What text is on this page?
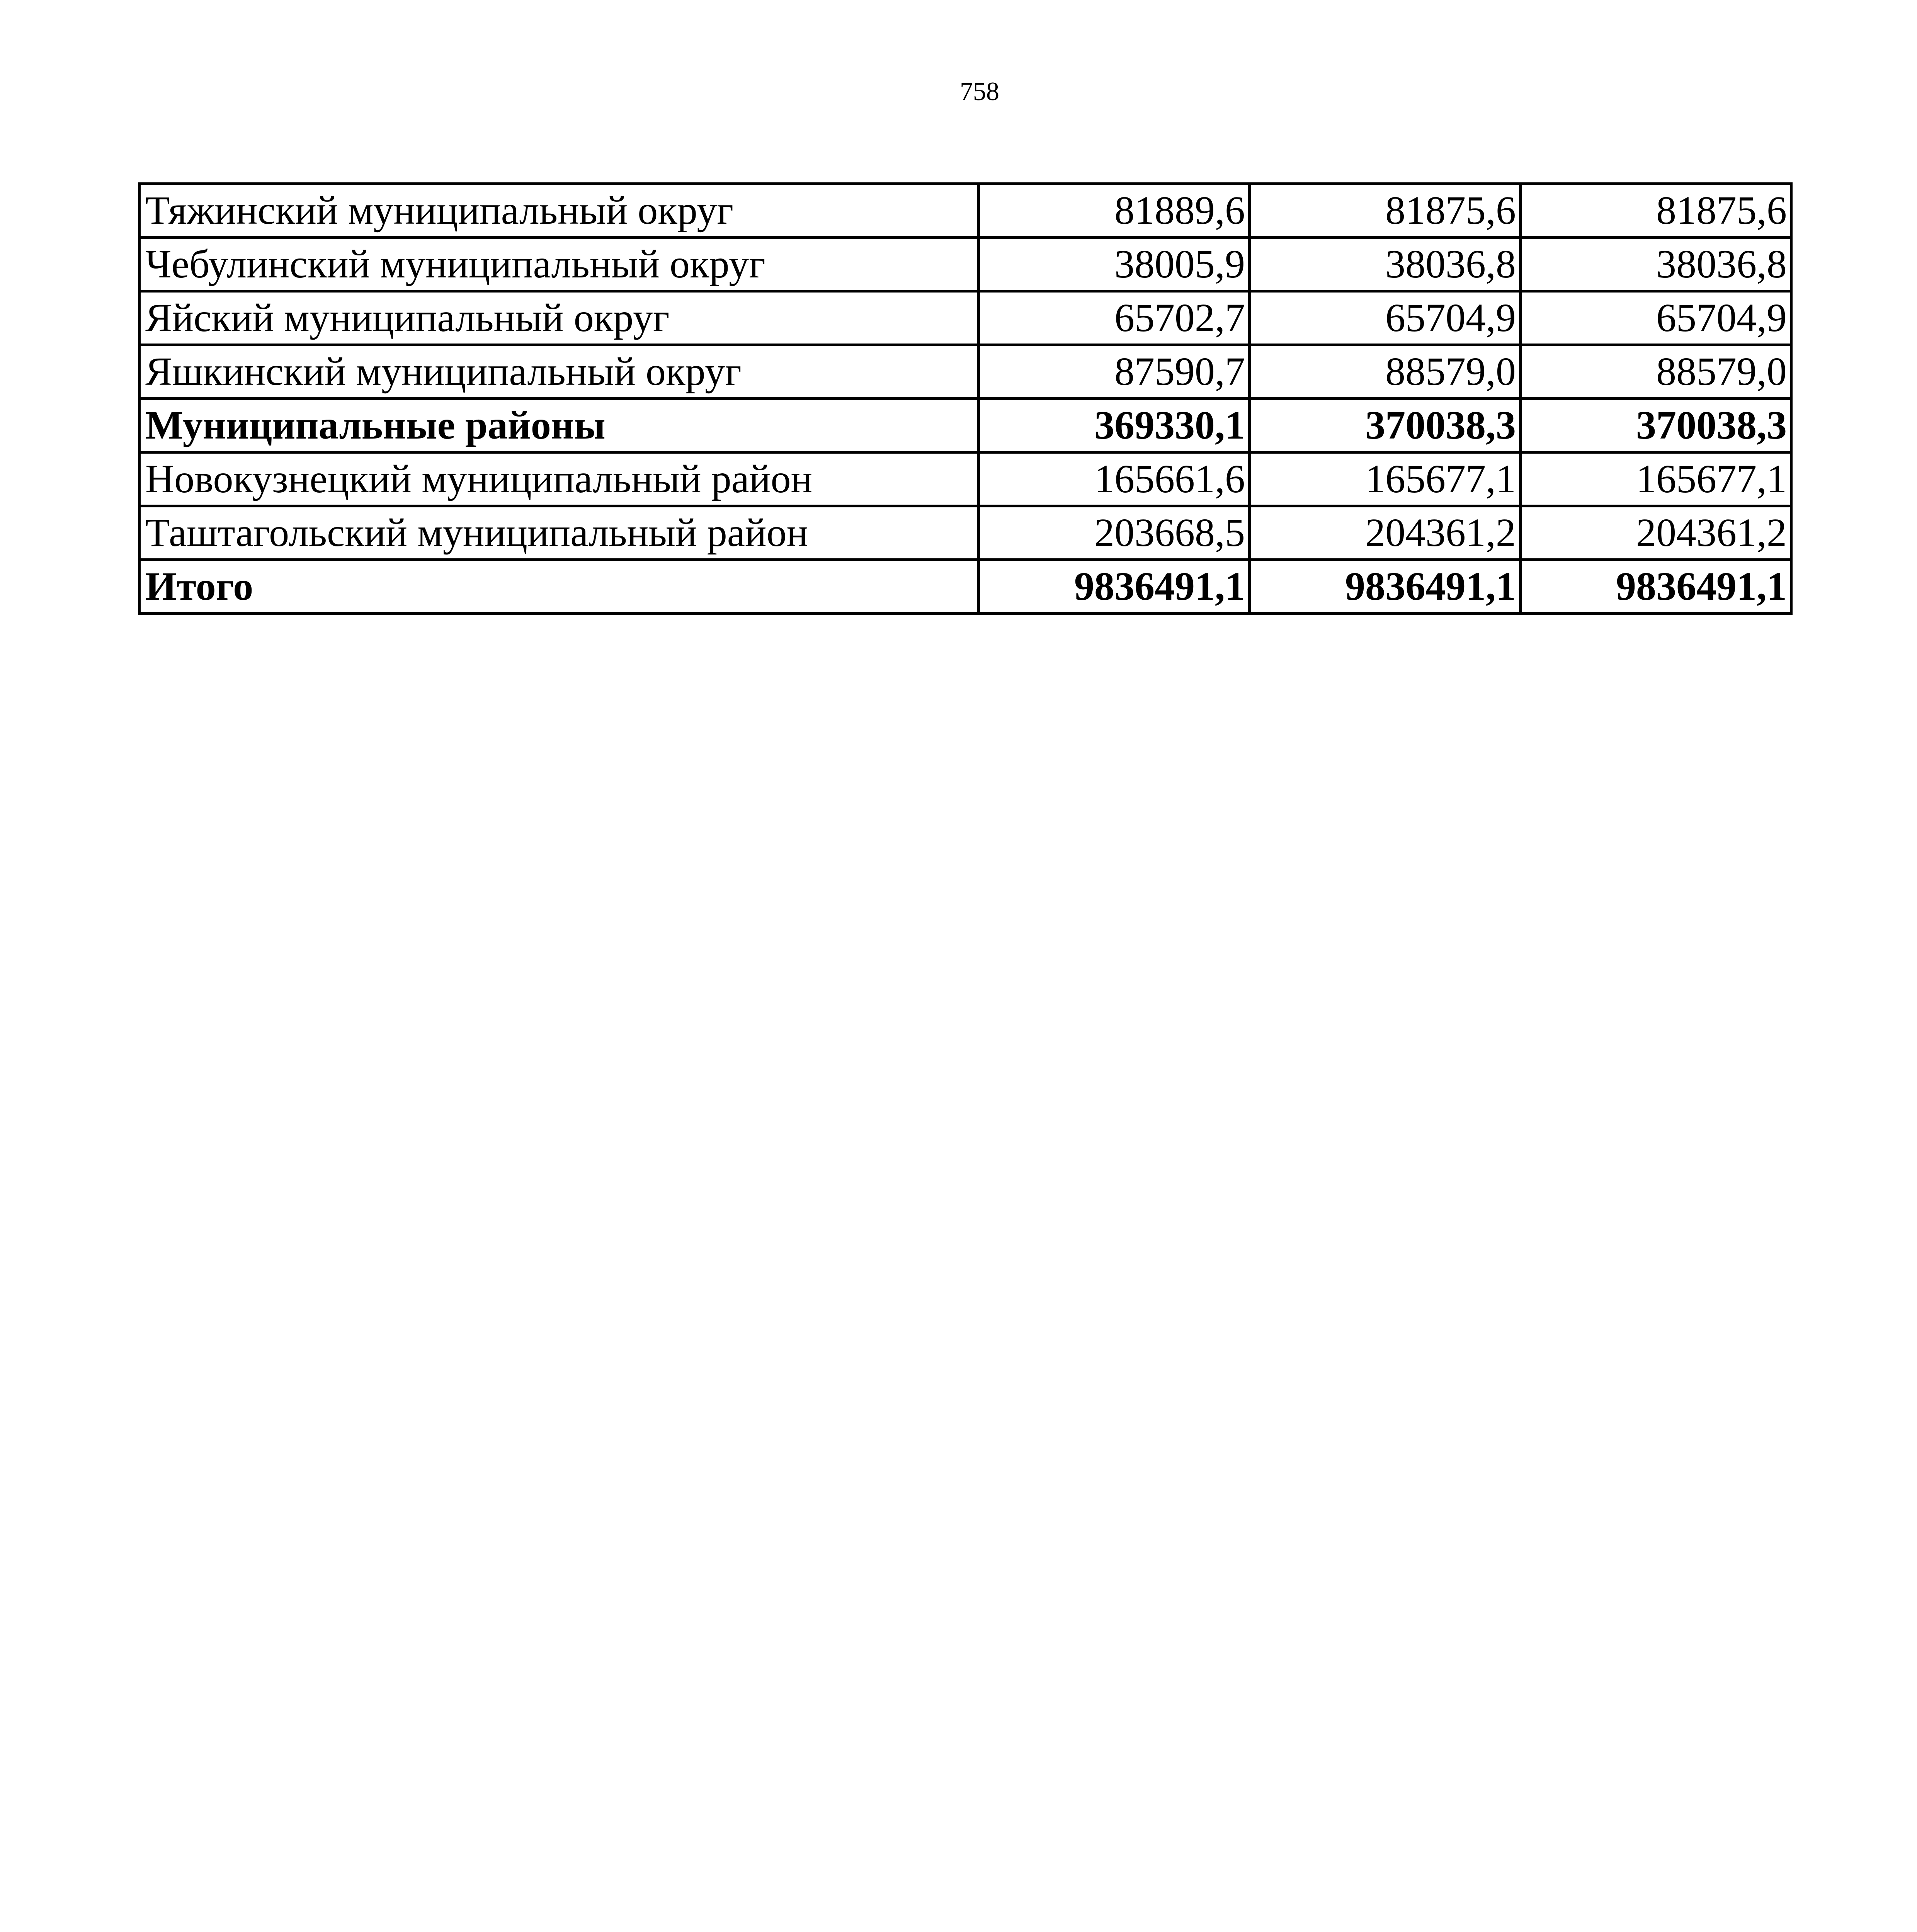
758
Тяжинский муниципальный округ	81889,6	81875,6	81875,6
Чебулинский муниципальный округ	38005,9	38036,8	38036,8
Яйский муниципальный округ	65702,7	65704,9	65704,9
Яшкинский муниципальный округ	87590,7	88579,0	88579,0
Муниципальные районы	369330,1	370038,3	370038,3
Новокузнецкий муниципальный район	165661,6	165677,1	165677,1
Таштагольский муниципальный район	203668,5	204361,2	204361,2
Итого	9836491,1	9836491,1	9836491,1
